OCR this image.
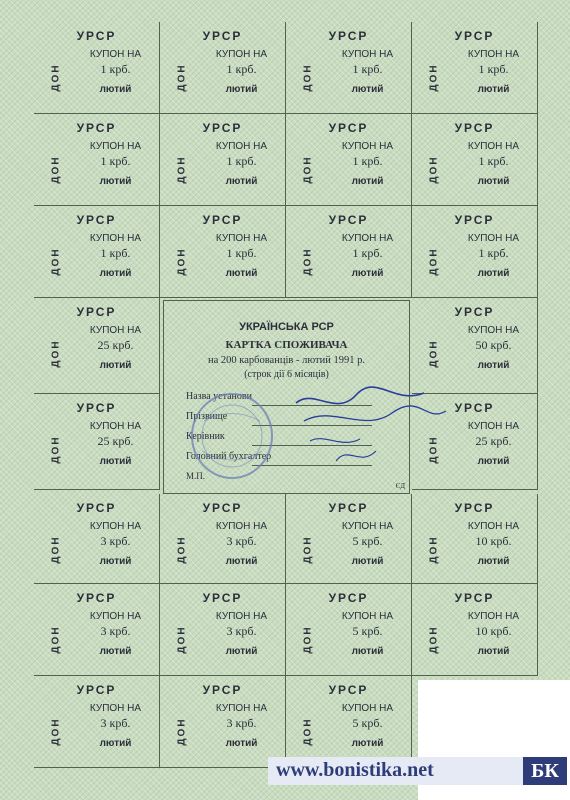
УРСР
ДОН
КУПОН НА
1 крб.
лютий
УРСР
ДОН
КУПОН НА
1 крб.
лютий
УРСР
ДОН
КУПОН НА
1 крб.
лютий
УРСР
ДОН
КУПОН НА
1 крб.
лютий
УРСР
ДОН
КУПОН НА
1 крб.
лютий
УРСР
ДОН
КУПОН НА
1 крб.
лютий
УРСР
ДОН
КУПОН НА
1 крб.
лютий
УРСР
ДОН
КУПОН НА
1 крб.
лютий
УРСР
ДОН
КУПОН НА
1 крб.
лютий
УРСР
ДОН
КУПОН НА
1 крб.
лютий
УРСР
ДОН
КУПОН НА
1 крб.
лютий
УРСР
ДОН
КУПОН НА
1 крб.
лютий
УРСР
ДОН
КУПОН НА
25 крб.
лютий
УРСР
ДОН
КУПОН НА
50 крб.
лютий
УРСР
ДОН
КУПОН НА
25 крб.
лютий
УРСР
ДОН
КУПОН НА
25 крб.
лютий
УКРАЇНСЬКА РСР
КАРТКА СПОЖИВАЧА
на 200 карбованців - лютий 1991 р.
(строк дії 6 місяців)
Назва установи
Прізвище
Керівник
Головний бухгалтер
М.П.
ЄД
УРСР
ДОН
КУПОН НА
3 крб.
лютий
УРСР
ДОН
КУПОН НА
3 крб.
лютий
УРСР
ДОН
КУПОН НА
5 крб.
лютий
УРСР
ДОН
КУПОН НА
10 крб.
лютий
УРСР
ДОН
КУПОН НА
3 крб.
лютий
УРСР
ДОН
КУПОН НА
3 крб.
лютий
УРСР
ДОН
КУПОН НА
5 крб.
лютий
УРСР
ДОН
КУПОН НА
10 крб.
лютий
УРСР
ДОН
КУПОН НА
3 крб.
лютий
УРСР
ДОН
КУПОН НА
3 крб.
лютий
УРСР
ДОН
КУПОН НА
5 крб.
лютий
www.bonistika.net	БК
